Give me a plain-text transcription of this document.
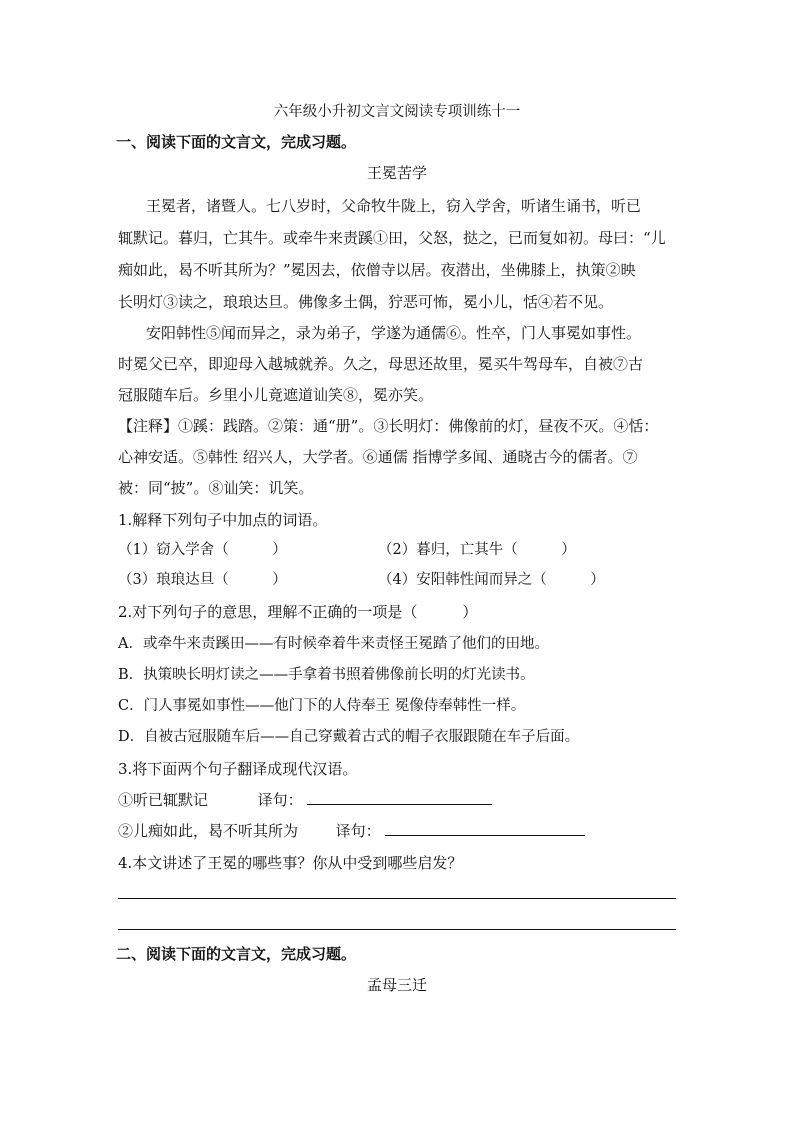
六年级小升初文言文阅读专项训练十一
一、阅读下面的文言文，完成习题。
王冕苦学
王冕者，诸暨人。七八岁时，父命牧牛陇上，窃入学舍，听诸生诵书，听已
辄默记。暮归，亡其牛。或牵牛来责蹊①田，父怒，挞之，已而复如初。母曰：“儿
痴如此，曷不听其所为？”冕因去，依僧寺以居。夜潜出，坐佛膝上，执策②映
长明灯③读之，琅琅达旦。佛像多土偶，狞恶可怖，冕小儿，恬④若不见。
安阳韩性⑤闻而异之，录为弟子，学遂为通儒⑥。性卒，门人事冕如事性。
时冕父已卒，即迎母入越城就养。久之，母思还故里，冕买牛驾母车，自被⑦古
冠服随车后。乡里小儿竟遮道讪笑⑧，冕亦笑。
【注释】①蹊：践踏。②策：通“册”。③长明灯：佛像前的灯，昼夜不灭。④恬：
心神安适。⑤韩性 绍兴人，大学者。⑥通儒 指博学多闻、通晓古今的儒者。⑦
被：同“披”。⑧讪笑：讥笑。
1.解释下列句子中加点的词语。
（1）窃入学舍（　　　）	（2）暮归，亡其牛（　　　）
（3）琅琅达旦（　　　）	（4）安阳韩性闻而异之（　　　）
2.对下列句子的意思，理解不正确的一项是（　　　）
A．或牵牛来责蹊田——有时候牵着牛来责怪王冕踏了他们的田地。
B．执策映长明灯读之——手拿着书照着佛像前长明的灯光读书。
C．门人事冕如事性——他门下的人侍奉王 冕像侍奉韩性一样。
D．自被古冠服随车后——自己穿戴着古式的帽子衣服跟随在车子后面。
3.将下面两个句子翻译成现代汉语。
①听已辄默记	译句：
②儿痴如此，曷不听其所为	译句：
4.本文讲述了王冕的哪些事？你从中受到哪些启发？
二、阅读下面的文言文，完成习题。
孟母三迁
